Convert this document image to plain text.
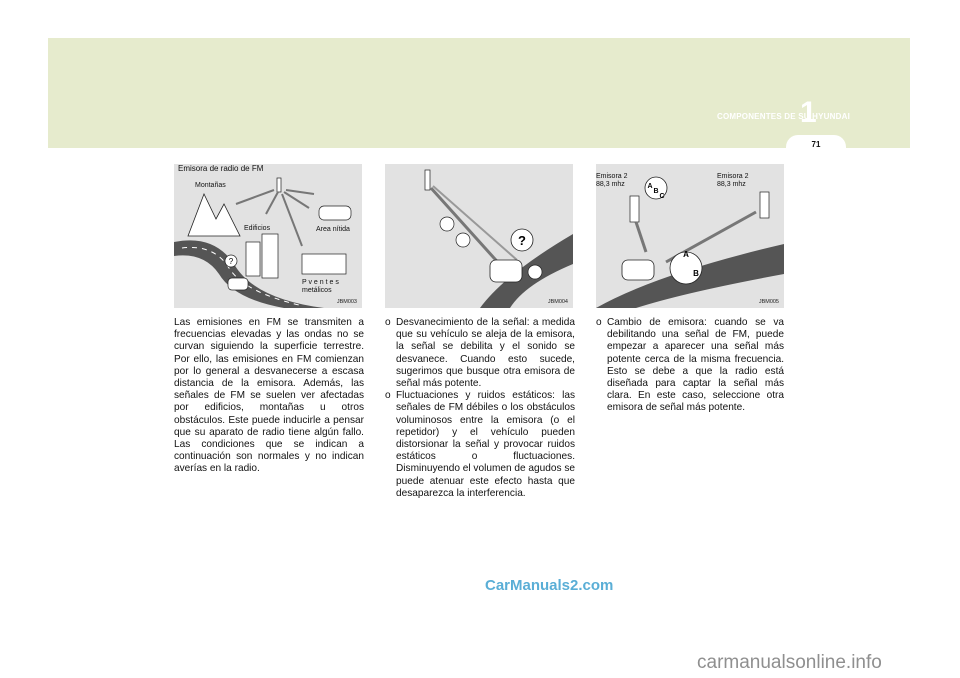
COMPONENTES DE SU HYUNDAI
1
71
?
Emisora de radio de FM
Montañas
Edificios	Area nítida
P v e n t e s
metálicos
JBM003
?
JBM004
A
B
A
B
C
Emisora 2
88,3 mhz
Emisora 2
88,3 mhz
JBM005

Las emisiones en FM se transmiten a frecuencias elevadas y las ondas no se curvan siguiendo la superficie terrestre. Por ello, las emisiones en FM comienzan por lo general a desvanecerse a escasa distancia de la emisora. Además, las señales de FM se suelen ver afectadas por edificios, montañas u otros obstáculos. Este puede inducirle a pensar que su aparato de radio tiene algún fallo. Las condiciones que se indican a continuación son normales y no indican averías en la radio.

o Desvanecimiento de la señal: a medida que su vehículo se aleja de la emisora, la señal se debilita y el sonido se desvanece. Cuando esto sucede, sugerimos que busque otra emisora de señal más potente.
o Fluctuaciones y ruidos estáticos: las señales de FM débiles o los obstáculos voluminosos entre la emisora (o el repetidor) y el vehículo pueden distorsionar la señal y provocar ruidos estáticos o fluctuaciones. Disminuyendo el volumen de agudos se puede atenuar este efecto hasta que desaparezca la interferencia.
o Cambio de emisora: cuando se va debilitando una señal de FM, puede empezar a aparecer una señal más potente cerca de la misma frecuencia. Esto se debe a que la radio está diseñada para captar la señal más clara. En este caso, seleccione otra emisora de señal más potente.
CarManuals2.com
carmanualsonline.info
